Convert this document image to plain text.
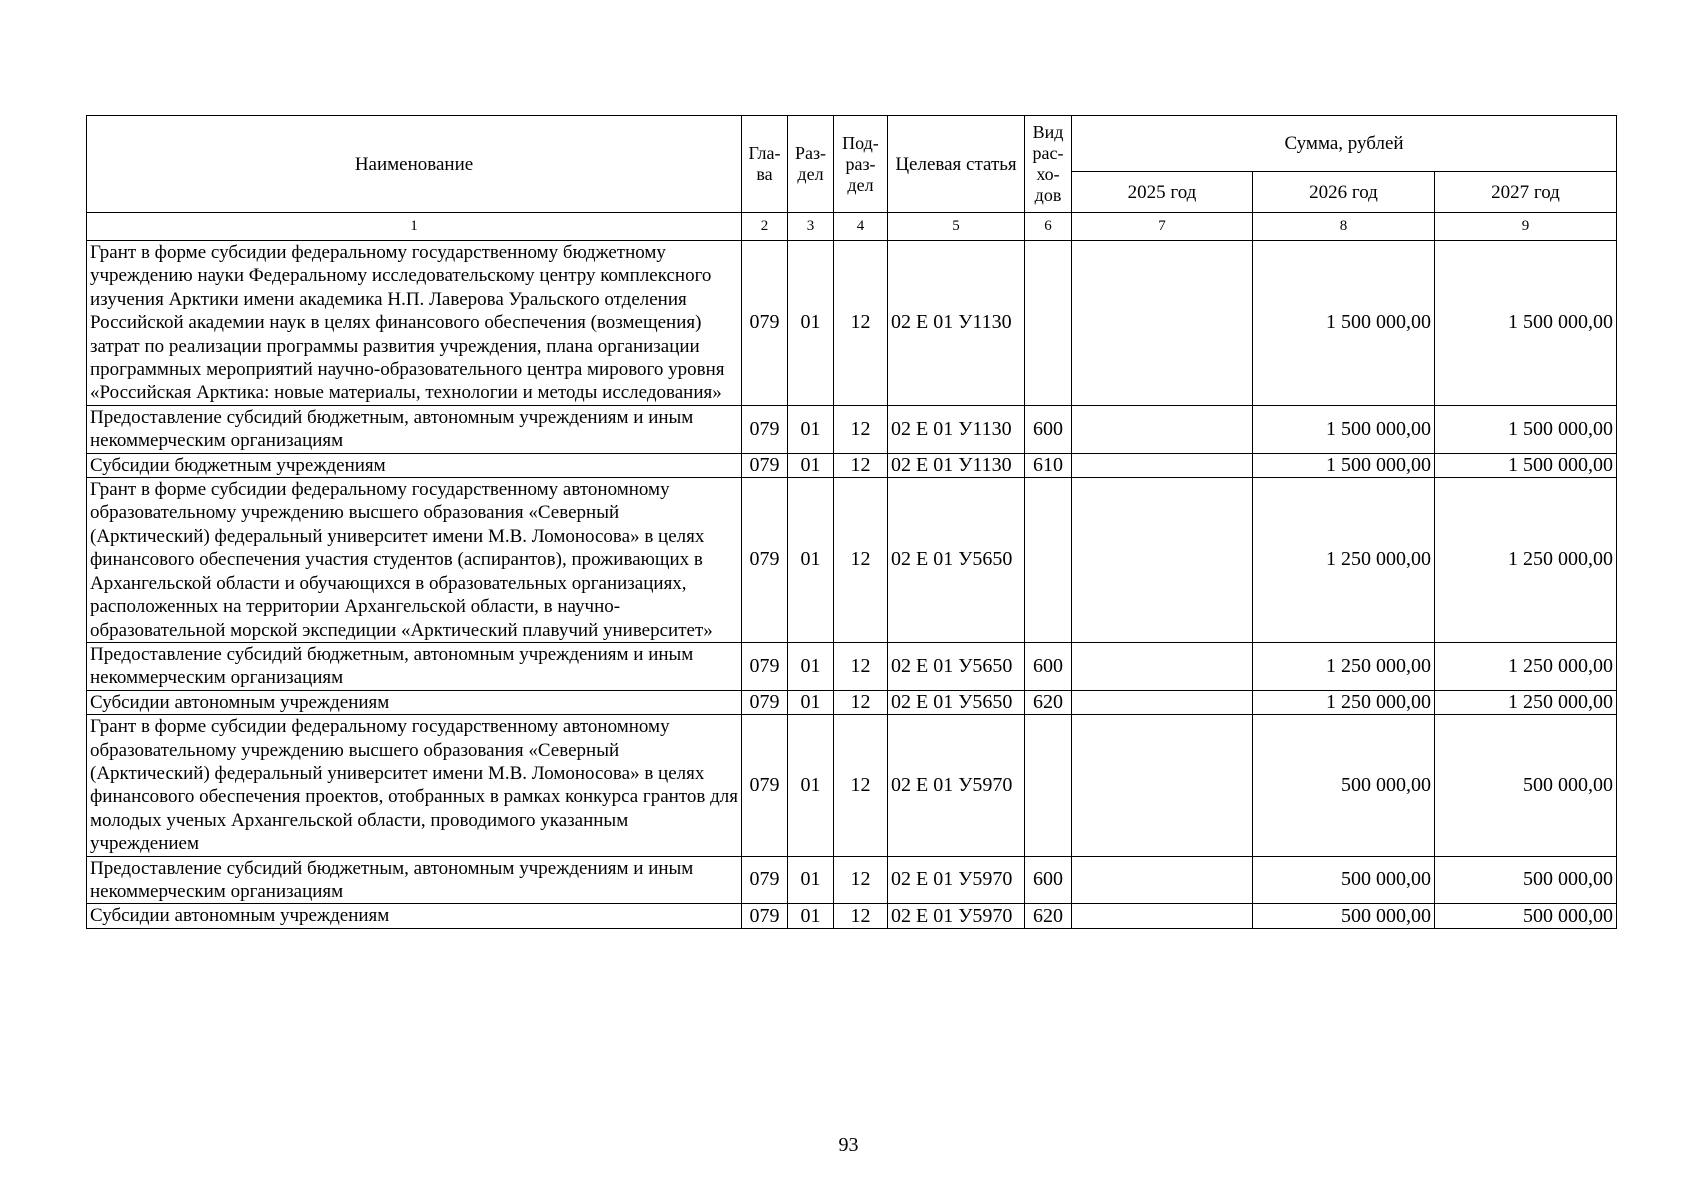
Наименование	Гла-ва	Раз-дел	Под-раз-дел	Целевая статья	Вид рас-хо-дов	Сумма, рублей		
						2025 год	2026 год	2027 год
1	2	3	4	5	6	7	8	9
Грант в форме субсидии федеральному государственному бюджетному учреждению науки Федеральному исследовательскому центру комплексного изучения Арктики имени академика Н.П. Лаверова Уральского отделения Российской академии наук в целях финансового обеспечения (возмещения) затрат по реализации программы развития учреждения, плана организации программных мероприятий научно-образовательного центра мирового уровня «Российская Арктика: новые материалы, технологии и методы исследования»	079	01	12	02 Е 01 У1130			1 500 000,00	1 500 000,00
Предоставление субсидий бюджетным, автономным учреждениям и иным некоммерческим организациям	079	01	12	02 Е 01 У1130	600		1 500 000,00	1 500 000,00
Субсидии бюджетным учреждениям	079	01	12	02 Е 01 У1130	610		1 500 000,00	1 500 000,00
Грант в форме субсидии федеральному государственному автономному образовательному учреждению высшего образования «Северный (Арктический) федеральный университет имени М.В. Ломоносова» в целях финансового обеспечения участия студентов (аспирантов), проживающих в Архангельской области и обучающихся в образовательных организациях, расположенных на территории Архангельской области, в научно-образовательной морской экспедиции «Арктический плавучий университет»	079	01	12	02 Е 01 У5650			1 250 000,00	1 250 000,00
Предоставление субсидий бюджетным, автономным учреждениям и иным некоммерческим организациям	079	01	12	02 Е 01 У5650	600		1 250 000,00	1 250 000,00
Субсидии автономным учреждениям	079	01	12	02 Е 01 У5650	620		1 250 000,00	1 250 000,00
Грант в форме субсидии федеральному государственному автономному образовательному учреждению высшего образования «Северный (Арктический) федеральный университет имени М.В. Ломоносова» в целях финансового обеспечения проектов, отобранных в рамках конкурса грантов для молодых ученых Архангельской области, проводимого указанным учреждением	079	01	12	02 Е 01 У5970			500 000,00	500 000,00
Предоставление субсидий бюджетным, автономным учреждениям и иным некоммерческим организациям	079	01	12	02 Е 01 У5970	600		500 000,00	500 000,00
Субсидии автономным учреждениям	079	01	12	02 Е 01 У5970	620		500 000,00	500 000,00
93
